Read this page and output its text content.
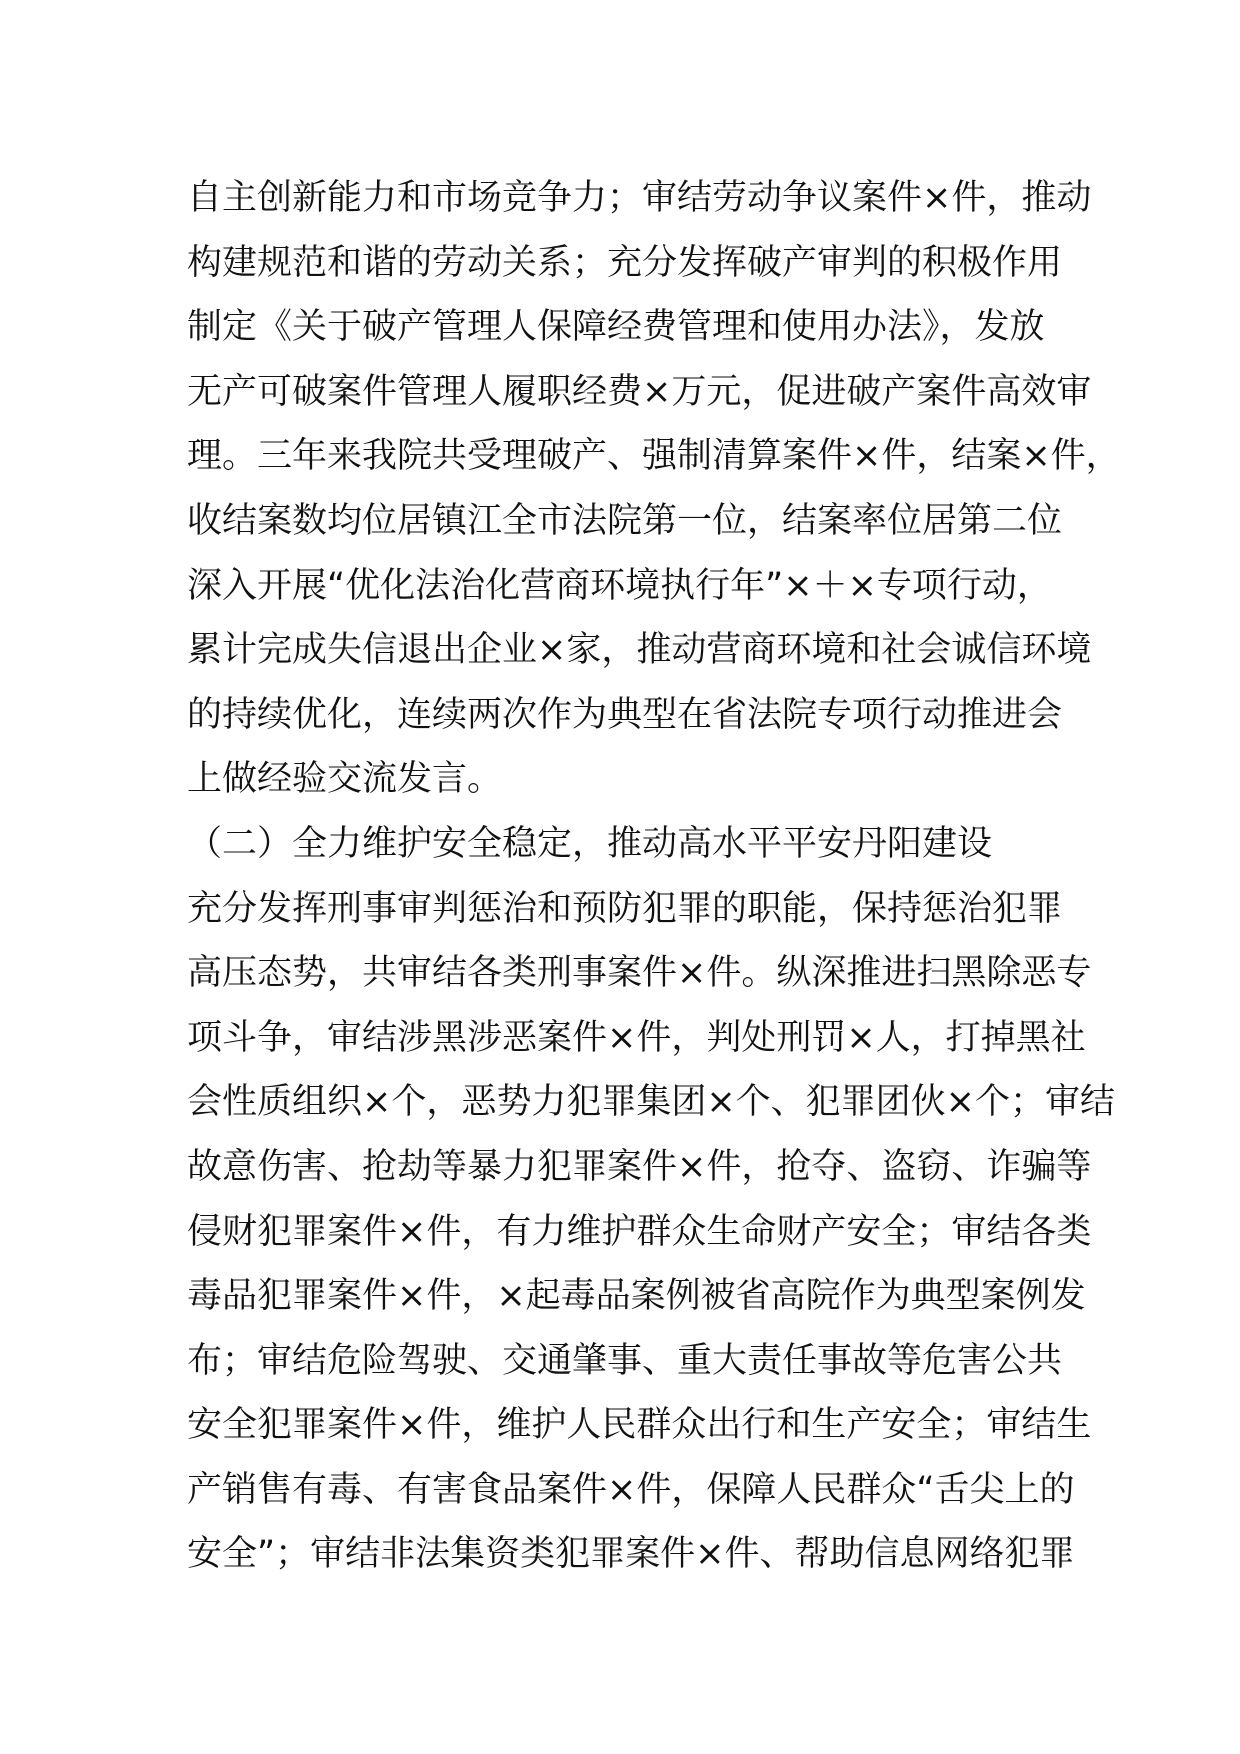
自主创新能力和市场竞争力；审结劳动争议案件×件，推动
构建规范和谐的劳动关系；充分发挥破产审判的积极作用
制定《关于破产管理人保障经费管理和使用办法》，发放
无产可破案件管理人履职经费×万元，促进破产案件高效审
理。三年来我院共受理破产、强制清算案件×件，结案×件，
收结案数均位居镇江全市法院第一位，结案率位居第二位
深入开展“优化法治化营商环境执行年”×＋×专项行动，
累计完成失信退出企业×家，推动营商环境和社会诚信环境
的持续优化，连续两次作为典型在省法院专项行动推进会
上做经验交流发言。
（二）全力维护安全稳定，推动高水平平安丹阳建设
充分发挥刑事审判惩治和预防犯罪的职能，保持惩治犯罪
高压态势，共审结各类刑事案件×件。纵深推进扫黑除恶专
项斗争，审结涉黑涉恶案件×件，判处刑罚×人，打掉黑社
会性质组织×个，恶势力犯罪集团×个、犯罪团伙×个；审结
故意伤害、抢劫等暴力犯罪案件×件，抢夺、盗窃、诈骗等
侵财犯罪案件×件，有力维护群众生命财产安全；审结各类
毒品犯罪案件×件，×起毒品案例被省高院作为典型案例发
布；审结危险驾驶、交通肇事、重大责任事故等危害公共
安全犯罪案件×件，维护人民群众出行和生产安全；审结生
产销售有毒、有害食品案件×件，保障人民群众“舌尖上的
安全”；审结非法集资类犯罪案件×件、帮助信息网络犯罪
